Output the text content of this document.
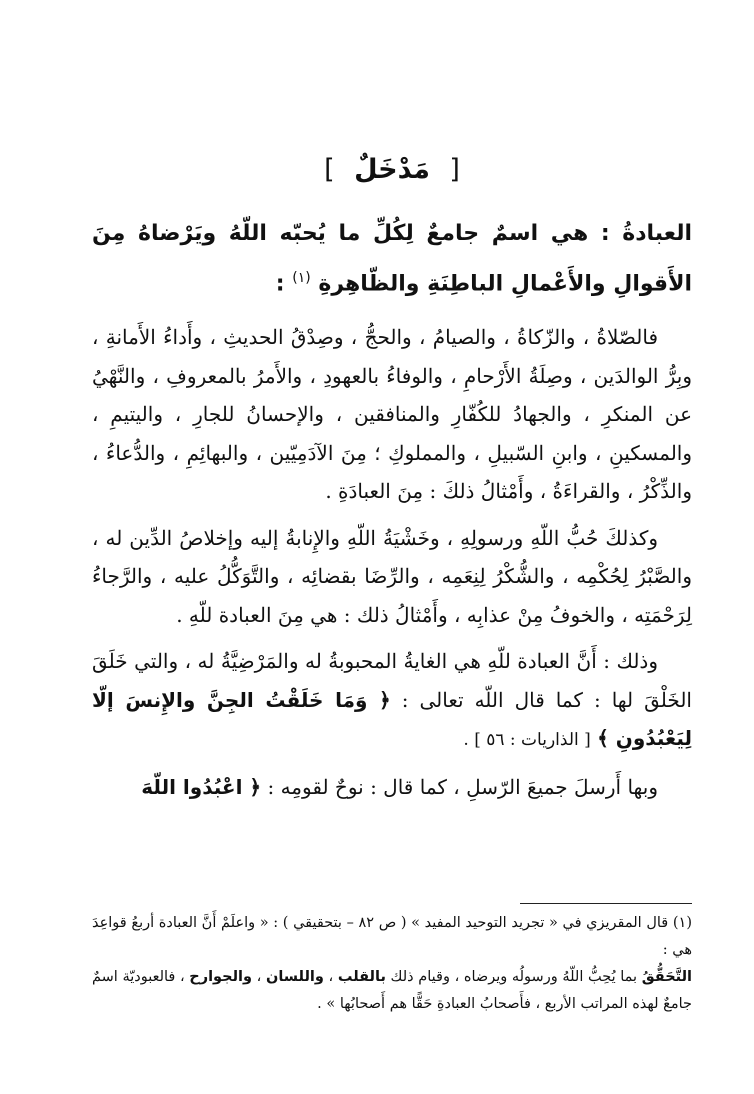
[ مَدْخَلٌ ]
العبادةُ : هي اسمٌ جامعٌ لِكُلِّ ما يُحبّه اللّهُ ويَرْضاهُ مِنَ الأَقوالِ والأَعْمالِ الباطِنَةِ والظّاهِرةِ $^{(١)}$ :
فالصّلاةُ ، والزّكاةُ ، والصيامُ ، والحجُّ ، وصِدْقُ الحديثِ ، وأَداءُ الأَمانةِ ، وبِرُّ الوالدَين ، وصِلَةُ الأَرْحامِ ، والوفاءُ بالعهودِ ، والأَمرُ بالمعروفِ ، والنَّهْيُ عن المنكرِ ، والجهادُ للكُفّارِ والمنافقين ، والإحسانُ للجارِ ، واليتيمِ ، والمسكينِ ، وابنِ السّبيلِ ، والمملوكِ ؛ مِنَ الآدَمِيّين ، والبهائِمِ ، والدُّعاءُ ، والذِّكْرُ ، والقراءَةُ ، وأَمْثالُ ذلكَ : مِنَ العبادَةِ .
وكذلكَ حُبُّ اللّهِ ورسولِهِ ، وخَشْيَةُ اللّهِ والإِنابةُ إليه وإخلاصُ الدِّين له ، والصَّبْرُ لِحُكْمِه ، والشُّكْرُ لِنِعَمِه ، والرِّضَا بقضائِه ، والتَّوَكُّلُ عليه ، والرَّجاءُ لِرَحْمَتِه ، والخوفُ مِنْ عذابِه ، وأَمْثالُ ذلك : هي مِنَ العبادة للّهِ .
وذلك : أَنَّ العبادة للّهِ هي الغايةُ المحبوبةُ له والمَرْضِيَّةُ له ، والتي خَلَقَ الخَلْقَ لها : كما قال اللّه تعالى : ﴿ وَمَا خَلَقْتُ الجِنَّ والإِنسَ إلّا لِيَعْبُدُونِ ﴾ [ الذاريات : ٥٦ ] .
وبها أَرسلَ جميعَ الرّسلِ ، كما قال : نوحٌ لقومِه : ﴿ اعْبُدُوا اللّهَ
(١) قال المقريزي في « تجريد التوحيد المفيد » ( ص ٨٢ – بتحقيقي ) : « واعلَمْ أَنَّ العبادة أربعُ قواعِدَ هي :
التَّحَقُّقُ بما يُحِبُّ اللّهُ ورسولُه ويرضاه ، وقيام ذلك بالقلب ، واللسان ، والجوارح ، فالعبوديّة اسمٌ جامعٌ لهذه المراتب الأربع ، فأَصحابُ العبادةِ حَقًّا هم أَصحابُها » .
